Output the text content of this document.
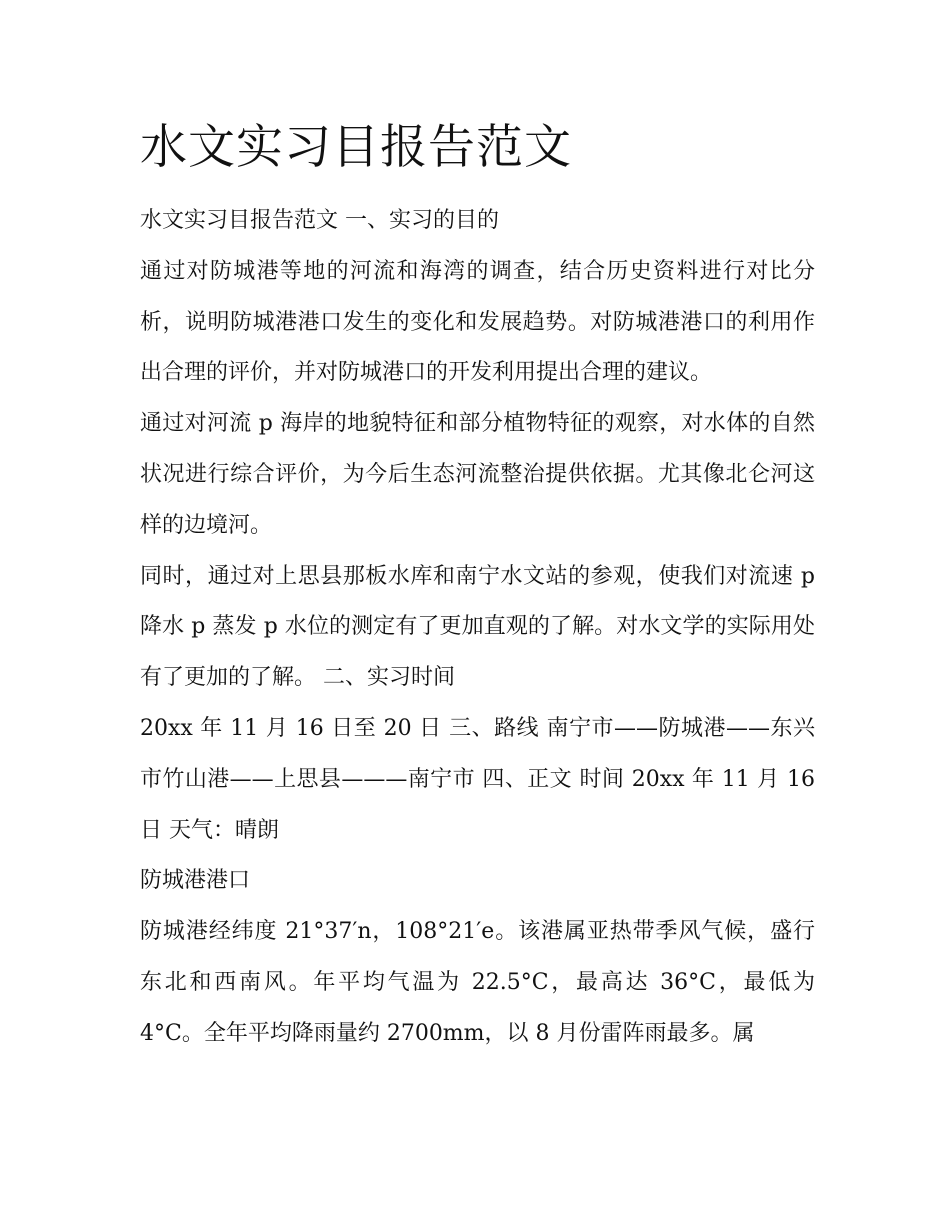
水文实习目报告范文

水文实习目报告范文 一、实习的目的

通过对防城港等地的河流和海湾的调查，结合历史资料进行对比分析，说明防城港港口发生的变化和发展趋势。对防城港港口的利用作出合理的评价，并对防城港口的开发利用提出合理的建议。

通过对河流 p 海岸的地貌特征和部分植物特征的观察，对水体的自然状况进行综合评价，为今后生态河流整治提供依据。尤其像北仑河这样的边境河。

同时，通过对上思县那板水库和南宁水文站的参观，使我们对流速 p 降水 p 蒸发 p 水位的测定有了更加直观的了解。对水文学的实际用处有了更加的了解。 二、实习时间

20xx 年 11 月 16 日至 20 日 三、路线 南宁市——防城港——东兴市竹山港——上思县———南宁市 四、正文 时间 20xx 年 11 月 16 日 天气：晴朗

防城港港口

防城港经纬度 21°37′n，108°21′e。该港属亚热带季风气候，盛行东北和西南风。年平均气温为 22.5°C，最高达 36°C，最低为 4°C。全年平均降雨量约 2700mm，以 8 月份雷阵雨最多。属
